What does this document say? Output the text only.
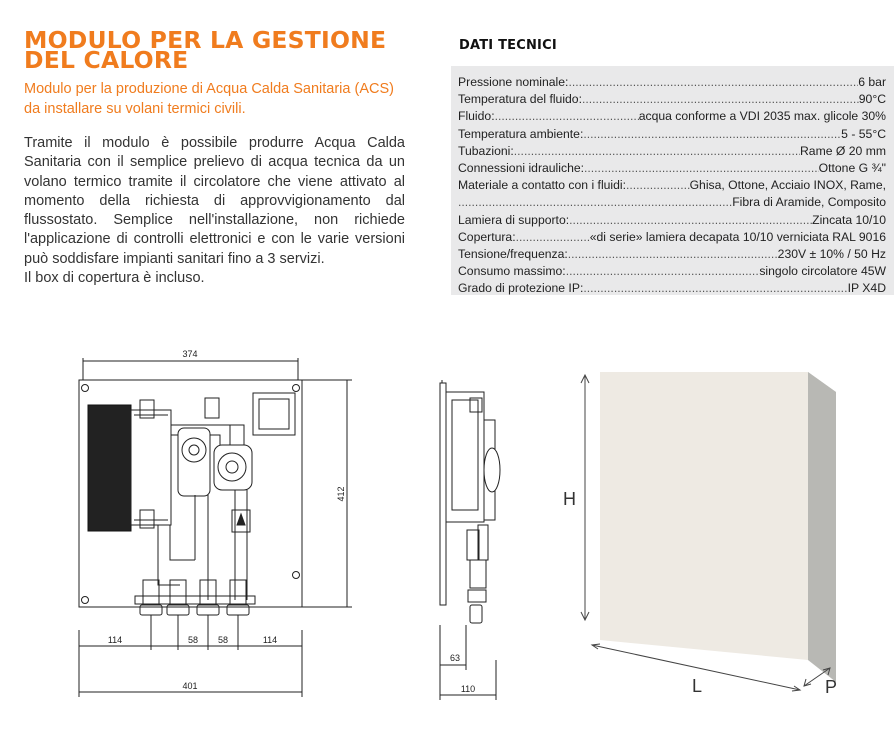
MODULO PER LA GESTIONE
DEL CALORE
Modulo per la produzione di Acqua Calda Sanitaria (ACS) da installare su volani termici civili.

Tramite il modulo è possibile produrre Acqua Calda Sanitaria con il semplice prelievo di acqua tecnica da un volano termico tramite il circolatore che viene attivato al momento della richiesta di approvvigionamento dal flussostato. Semplice nell'installazione, non richiede l'applicazione di controlli elettronici e con le varie versioni può soddisfare impianti sanitari fino a 3 servizi.

Il box di copertura è incluso.

DATI TECNICI
Pressione nominale: .....	6 bar
Temperatura del fluido: .....	90°C
Fluido: .....	acqua conforme a VDI 2035 max. glicole 30%
Temperatura ambiente: .....	5 - 55°C
Tubazioni: .....	Rame Ø 20 mm
Connessioni idrauliche: .....	Ottone G ¾"
Materiale a contatto con i fluidi: .....	Ghisa, Ottone, Acciaio INOX, Rame,
.....
Fibra di Aramide, Composito
Lamiera di supporto: .....	Zincata 10/10
Copertura: .....	«di serie» lamiera decapata 10/10 verniciata RAL 9016
Tensione/frequenza: .....	230V ± 10% / 50 Hz
Consumo massimo: .....	singolo circolatore 45W
Grado di protezione IP: .....	IP X4D
374
412
114	58 58	114
401
63
110
H
L	P
